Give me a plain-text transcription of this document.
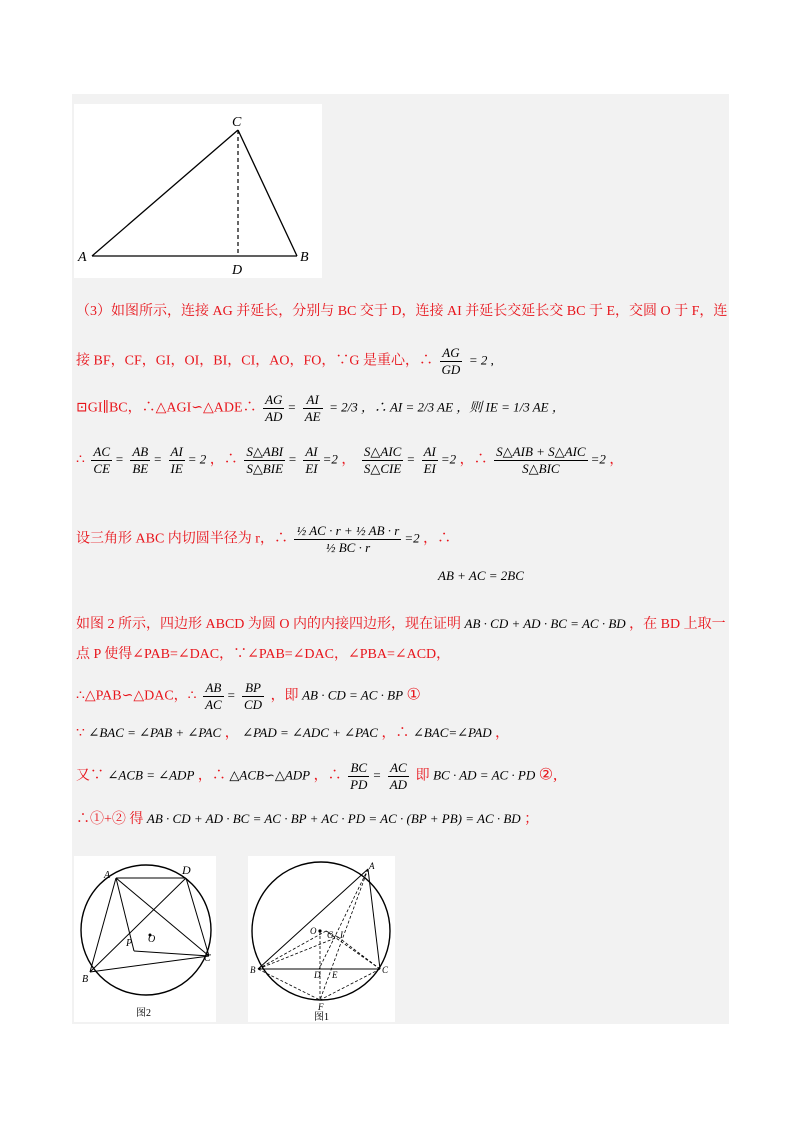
A	B
C
D
（3）如图所示，连接 AG 并延长，分别与 BC 交于 D，连接 AI 并延长交延长交 BC 于 E，交圆 O 于 F，连
接 BF，CF，GI，OI，BI，CI，AO，FO，∵G 是重心，∴ $\frac{AG}{GD} = 2$ ,
⊡GI∥BC，∴△AGI∽△ADE∴ $\frac{AG}{AD} = \frac{AI}{AE} = 2/3$ ，∴ AI = 2/3 AE ，则 IE = 1/3 AE ，
∴ $\frac{AC}{CE} = \frac{AB}{BE} = \frac{AI}{IE} = 2$ ，∴ $\frac{\text{S△ABI}}{\text{S△BIE}} = \frac{AI}{EI} =2$ ， $\frac{\text{S△AIC}}{\text{S△CIE}} = \frac{AI}{EI} =2$ ，∴ $\frac{\text{S△AIB + S△AIC}}{\text{S△BIC}} =2$ ，
设三角形 ABC 内切圆半径为 r，∴ $\frac{\text{½ AC · r + ½ AB · r}}{\text{½ BC · r}} =2$ ，∴
AB + AC = 2BC
如图 2 所示，四边形 ABCD 为圆 O 内的内接四边形，现在证明 AB · CD + AD · BC = AC · BD ，在 BD 上取一
点 P 使得∠PAB=∠DAC，∵∠PAB=∠DAC，∠PBA=∠ACD，
∴△PAB∽△DAC，∴ $\frac{AB}{AC} = \frac{BP}{CD}$ ，即 AB · CD = AC · BP ①
∵ ∠BAC = ∠PAB + ∠PAC ， ∠PAD = ∠ADC + ∠PAC ，∴ ∠BAC=∠PAD ，
又∵ ∠ACB = ∠ADP ，∴ △ACB∽△ADP ，∴ $\frac{BC}{PD} = \frac{AC}{AD}$ 即 BC · AD = AC · PD ②,
∴①+② 得 AB · CD + AD · BC = AC · BP + AC · PD = AC · (BP + PB) = AC · BD ；
A	D
O
P
B
C
图2
A
O G I
B	D E	C
F
图1
